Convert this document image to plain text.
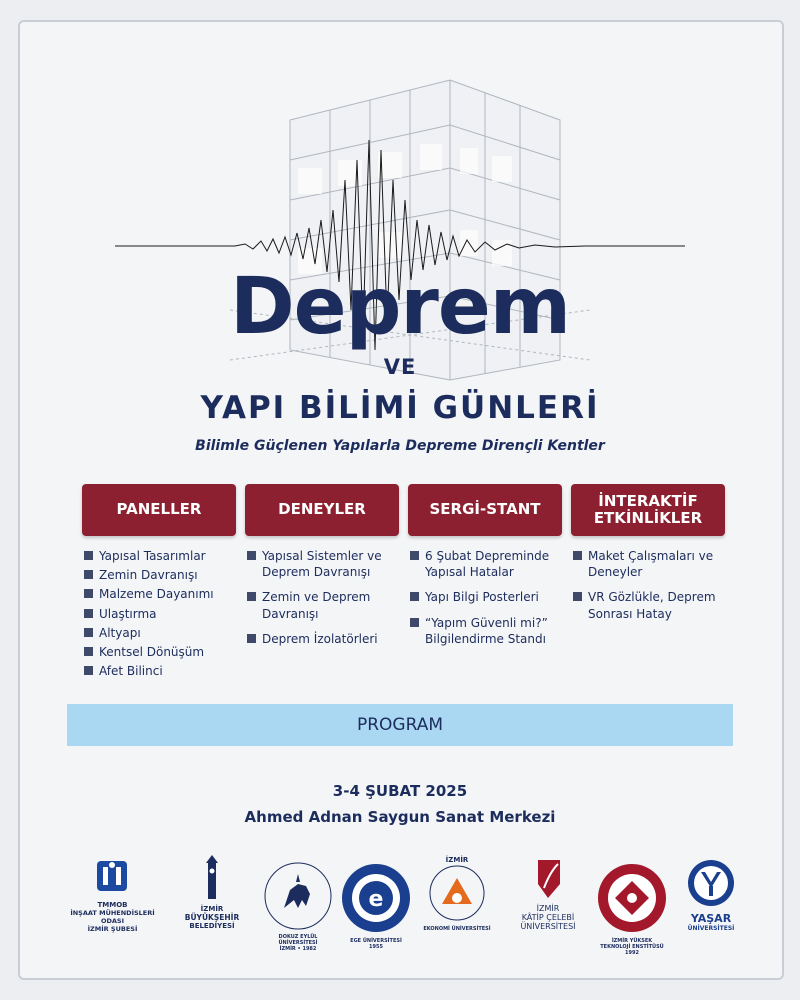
Deprem
VE
YAPI BİLİMİ GÜNLERİ
Bilimle Güçlenen Yapılarla Depreme Dirençli Kentler
PANELLER
Yapısal Tasarımlar
Zemin Davranışı
Malzeme Dayanımı
Ulaştırma
Altyapı
Kentsel Dönüşüm
Afet Bilinci
DENEYLER
Yapısal Sistemler ve Deprem Davranışı
Zemin ve Deprem Davranışı
Deprem İzolatörleri
SERGİ-STANT
6 Şubat Depreminde Yapısal Hatalar
Yapı Bilgi Posterleri
“Yapım Güvenli mi?” Bilgilendirme Standı
İNTERAKTİF
ETKİNLİKLER
Maket Çalışmaları ve Deneyler
VR Gözlükle, Deprem Sonrası Hatay
PROGRAM
3-4 ŞUBAT 2025
Ahmed Adnan Saygun Sanat Merkezi
TMMOB
İNŞAAT MÜHENDİSLERİ ODASI
İZMİR ŞUBESİ
İZMİR
BÜYÜKŞEHİR
BELEDİYESİ
DOKUZ EYLÜL ÜNİVERSİTESİ
İZMİR • 1982
e
EGE ÜNİVERSİTESİ
1955
İZMİR
EKONOMİ ÜNİVERSİTESİ
İZMİR
KÂTİP ÇELEBİ
ÜNİVERSİTESİ
İZMİR YÜKSEK TEKNOLOJİ ENSTİTÜSÜ
1992
YAŞAR
ÜNİVERSİTESİ
